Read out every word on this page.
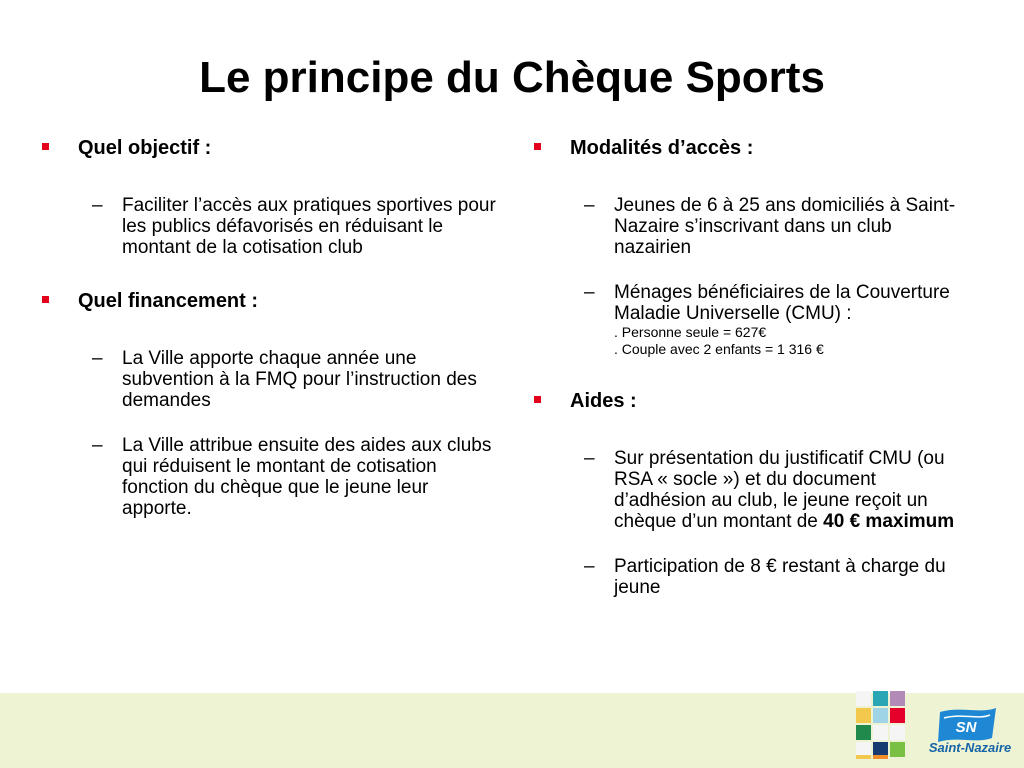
Le principe du Chèque Sports
Quel objectif :
– Faciliter l’accès aux pratiques sportives pour les publics défavorisés en réduisant le montant de la cotisation club
Quel financement :
– La Ville apporte chaque année une subvention à la FMQ pour l’instruction des demandes
– La Ville attribue ensuite des aides aux clubs qui réduisent le montant de cotisation fonction du chèque que le jeune leur apporte.
Modalités d’accès :
– Jeunes de 6 à 25 ans domiciliés à Saint-Nazaire s’inscrivant dans un club nazairien
– Ménages bénéficiaires de la Couverture Maladie Universelle (CMU) :
. Personne seule = 627€
. Couple avec 2 enfants = 1 316 €
Aides :
– Sur présentation du justificatif CMU (ou RSA « socle ») et du document d’adhésion au club, le jeune reçoit un chèque d’un montant de 40 € maximum
– Participation de 8 € restant à charge du jeune
SN
Saint-Nazaire
